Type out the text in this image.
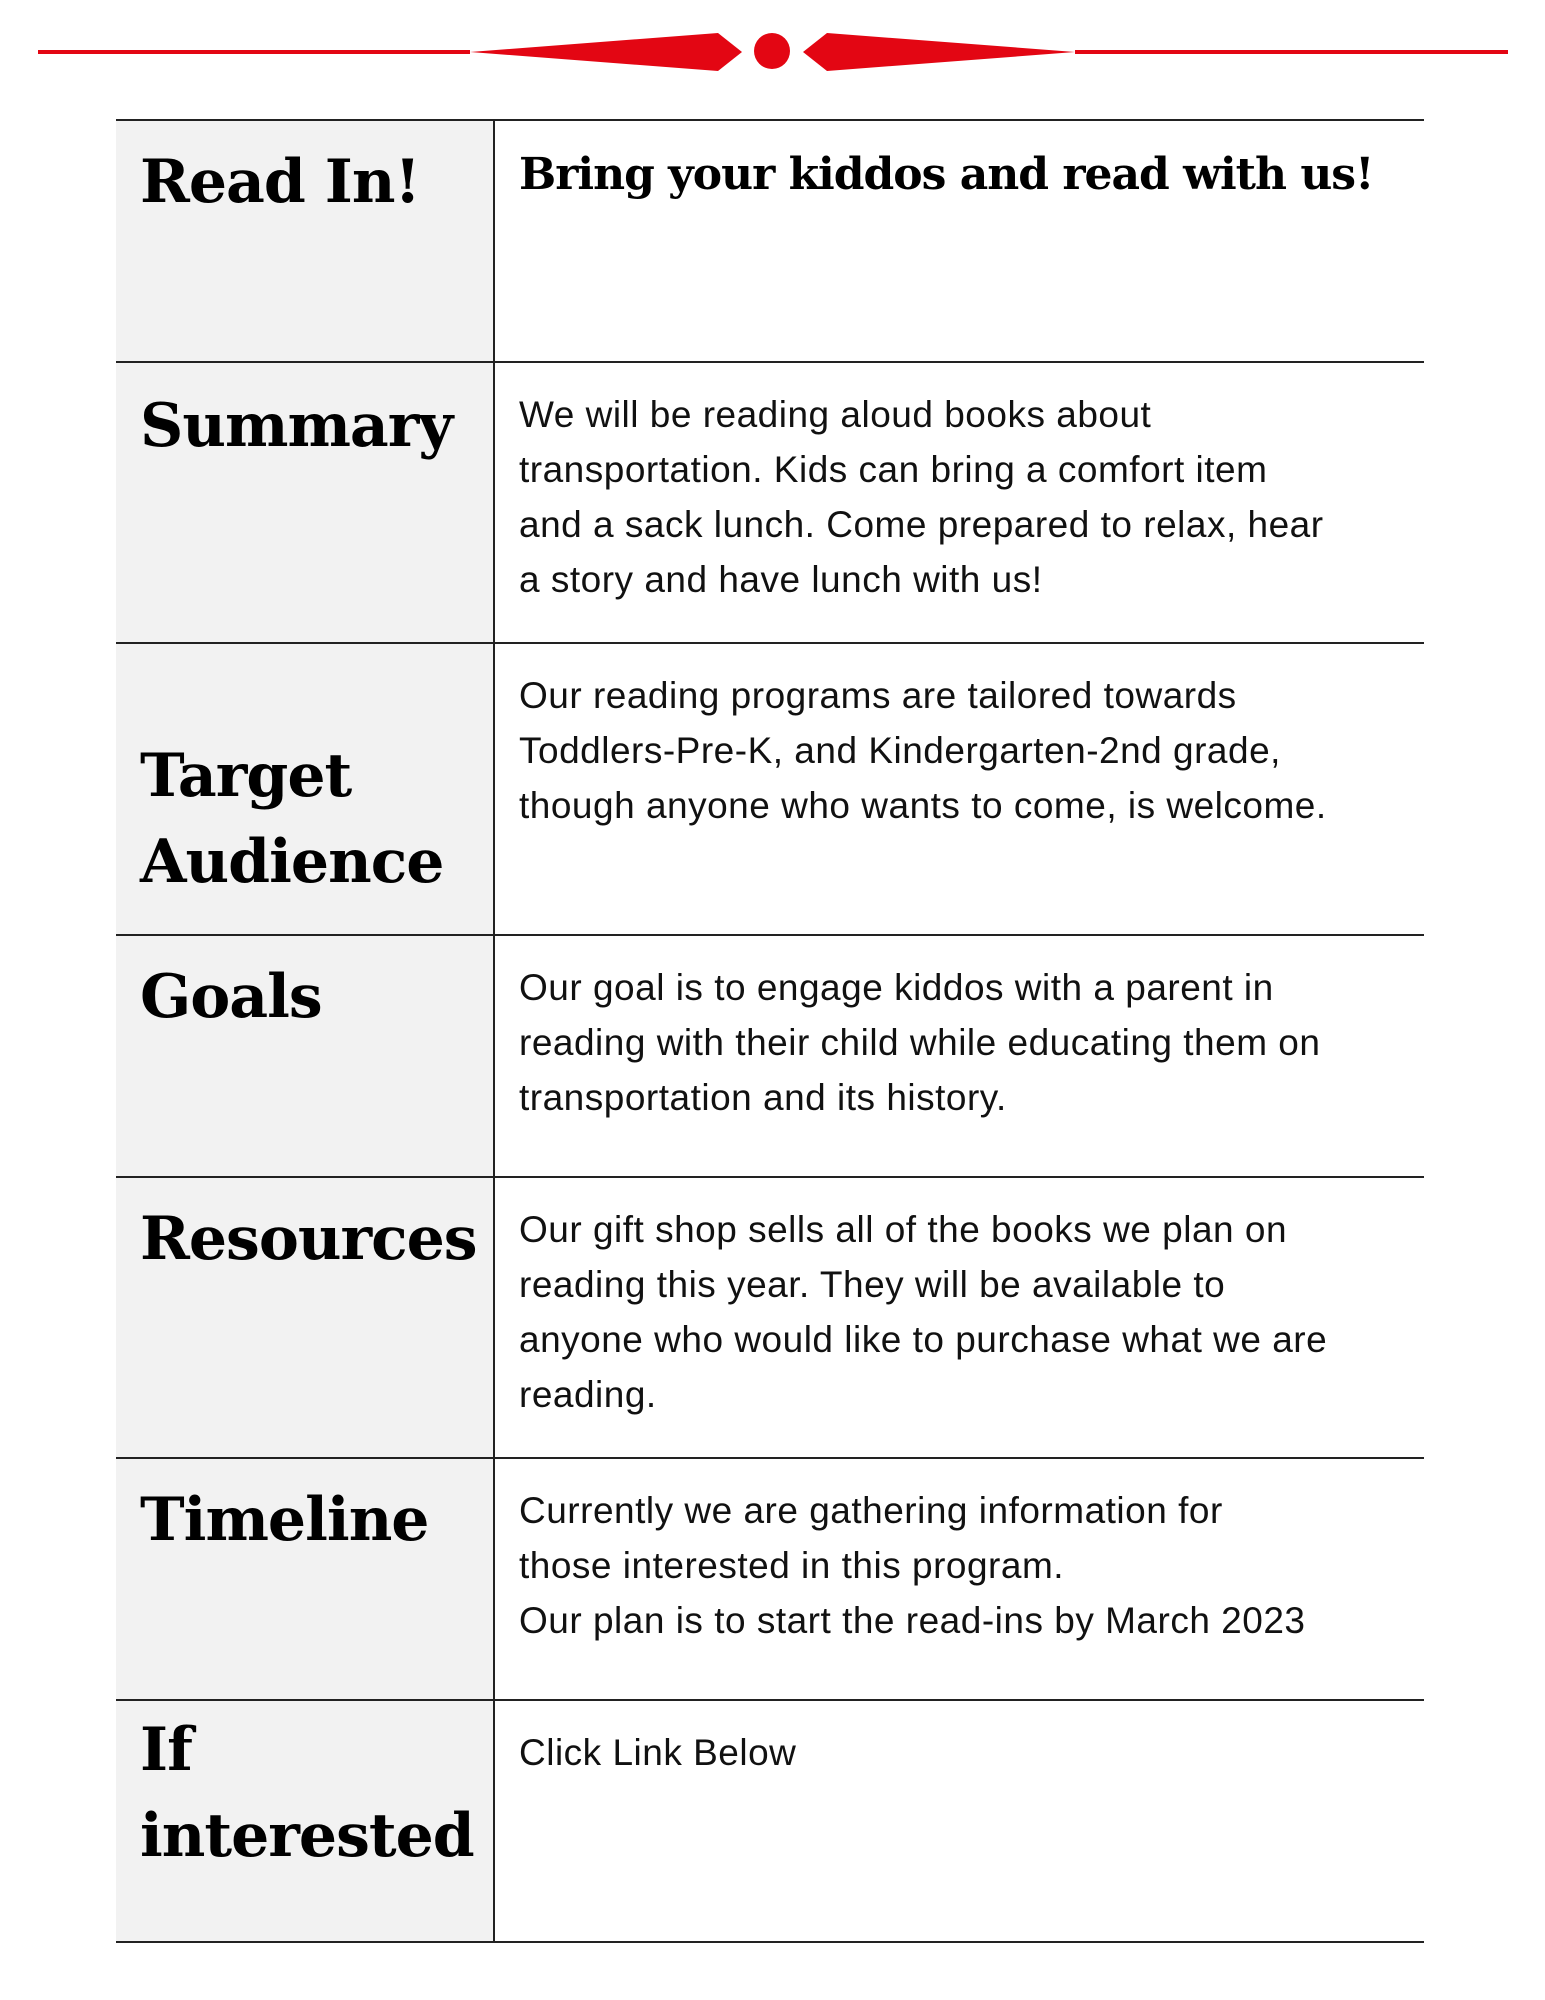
Read In! Bring your kiddos and read with us!
Summary We will be reading aloud books about
transportation. Kids can bring a comfort item
and a sack lunch. Come prepared to relax, hear
a story and have lunch with us!
Target
Audience
Our reading programs are tailored towards
Toddlers-Pre-K, and Kindergarten-2nd grade,
though anyone who wants to come, is welcome.
Goals	Our goal is to engage kiddos with a parent in
reading with their child while educating them on
transportation and its history.
Resources Our gift shop sells all of the books we plan on
reading this year. They will be available to
anyone who would like to purchase what we are
reading.
Timeline Currently we are gathering information for
those interested in this program.
Our plan is to start the read-ins by March 2023
If
interested
Click Link Below
